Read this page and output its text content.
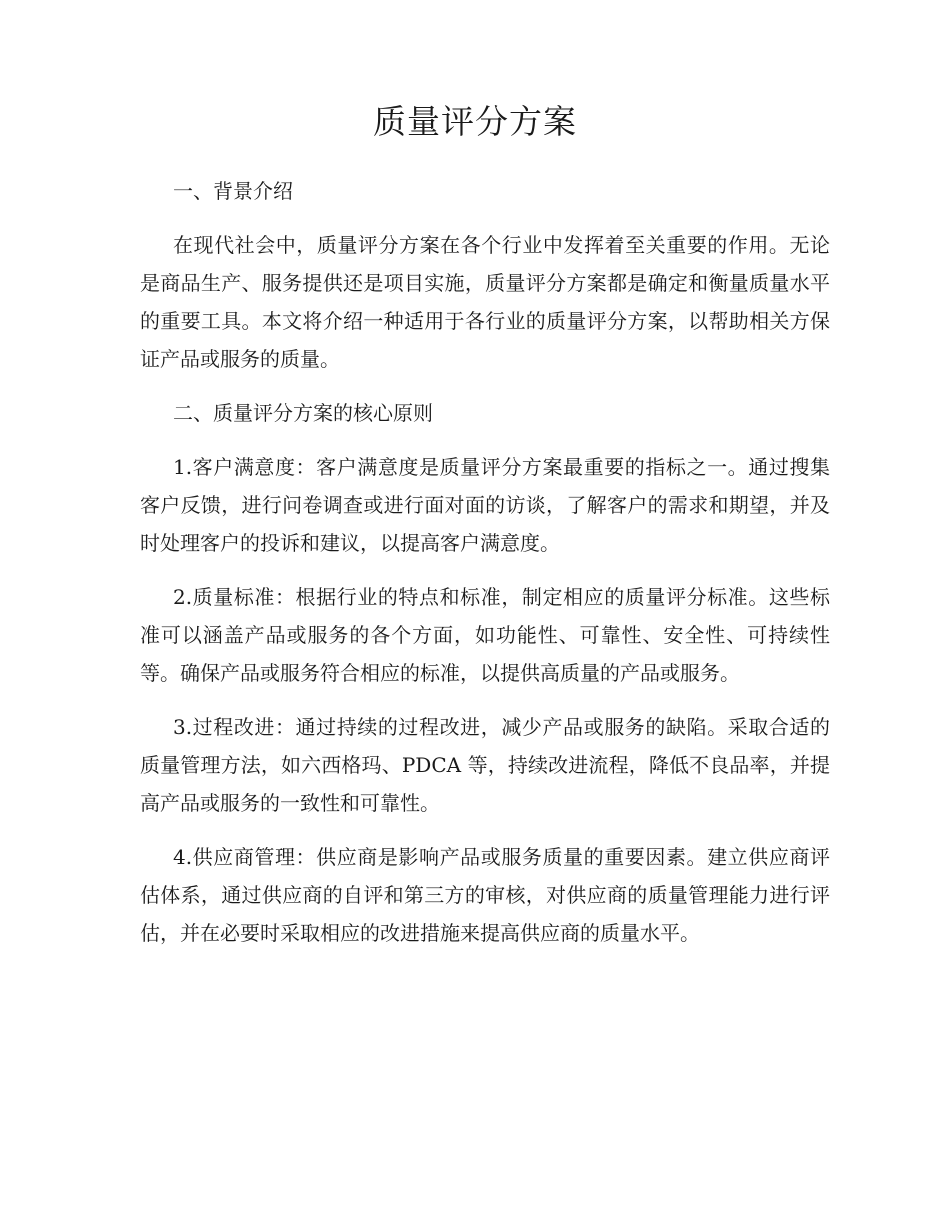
质量评分方案

一、背景介绍

在现代社会中，质量评分方案在各个行业中发挥着至关重要的作用。无论是商品生产、服务提供还是项目实施，质量评分方案都是确定和衡量质量水平的重要工具。本文将介绍一种适用于各行业的质量评分方案，以帮助相关方保证产品或服务的质量。

二、质量评分方案的核心原则

1.客户满意度：客户满意度是质量评分方案最重要的指标之一。通过搜集客户反馈，进行问卷调查或进行面对面的访谈，了解客户的需求和期望，并及时处理客户的投诉和建议，以提高客户满意度。

2.质量标准：根据行业的特点和标准，制定相应的质量评分标准。这些标准可以涵盖产品或服务的各个方面，如功能性、可靠性、安全性、可持续性等。确保产品或服务符合相应的标准，以提供高质量的产品或服务。

3.过程改进：通过持续的过程改进，减少产品或服务的缺陷。采取合适的质量管理方法，如六西格玛、PDCA 等，持续改进流程，降低不良品率，并提高产品或服务的一致性和可靠性。

4.供应商管理：供应商是影响产品或服务质量的重要因素。建立供应商评估体系，通过供应商的自评和第三方的审核，对供应商的质量管理能力进行评估，并在必要时采取相应的改进措施来提高供应商的质量水平。
